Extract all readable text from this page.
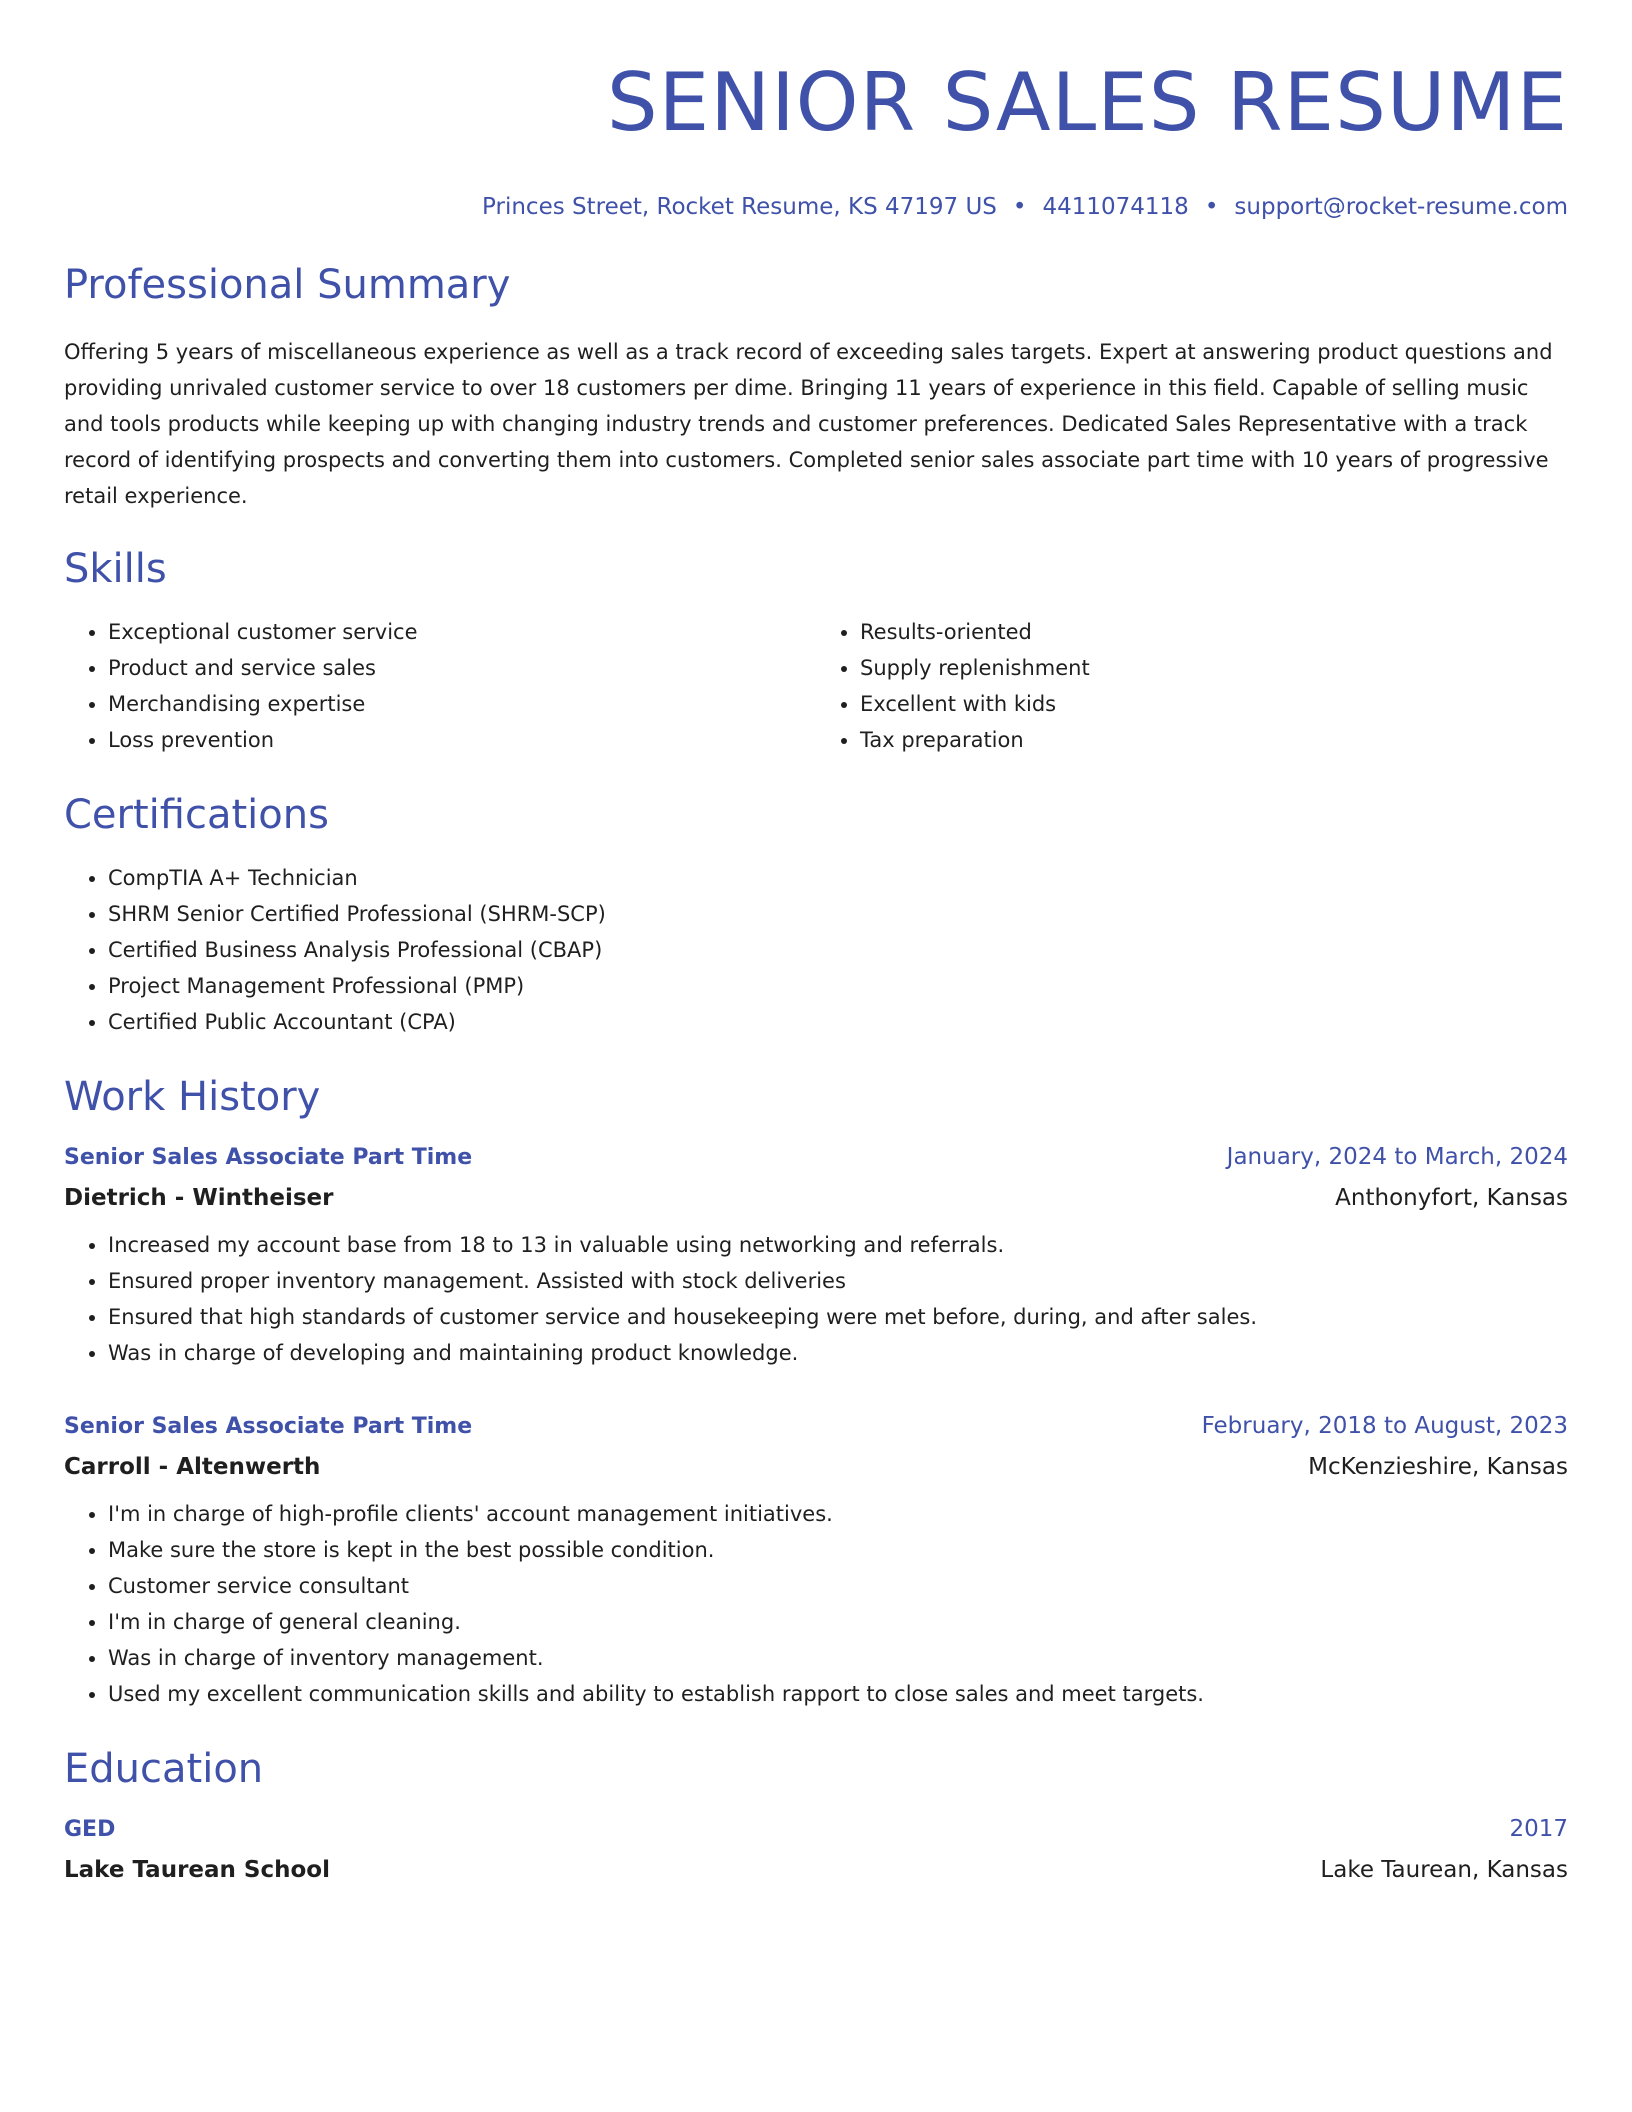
SENIOR SALES RESUME
Princes Street, Rocket Resume, KS 47197 US • 4411074118 • support@rocket-resume.com
Professional Summary

Offering 5 years of miscellaneous experience as well as a track record of exceeding sales targets. Expert at answering product questions and providing unrivaled customer service to over 18 customers per dime. Bringing 11 years of experience in this field. Capable of selling music and tools products while keeping up with changing industry trends and customer preferences. Dedicated Sales Representative with a track record of identifying prospects and converting them into customers. Completed senior sales associate part time with 10 years of progressive retail experience.

Skills
• Exceptional customer service
• Product and service sales
• Merchandising expertise
• Loss prevention
• Results-oriented
• Supply replenishment
• Excellent with kids
• Tax preparation
Certifications
• CompTIA A+ Technician
• SHRM Senior Certified Professional (SHRM-SCP)
• Certified Business Analysis Professional (CBAP)
• Project Management Professional (PMP)
• Certified Public Accountant (CPA)
Work History
Senior Sales Associate Part Time	January, 2024 to March, 2024
Dietrich - Wintheiser	Anthonyfort, Kansas
• Increased my account base from 18 to 13 in valuable using networking and referrals.
• Ensured proper inventory management. Assisted with stock deliveries
• Ensured that high standards of customer service and housekeeping were met before, during, and after sales.
• Was in charge of developing and maintaining product knowledge.
Senior Sales Associate Part Time	February, 2018 to August, 2023
Carroll - Altenwerth	McKenzieshire, Kansas
• I'm in charge of high-profile clients' account management initiatives.
• Make sure the store is kept in the best possible condition.
• Customer service consultant
• I'm in charge of general cleaning.
• Was in charge of inventory management.
• Used my excellent communication skills and ability to establish rapport to close sales and meet targets.
Education
GED	2017
Lake Taurean School	Lake Taurean, Kansas
